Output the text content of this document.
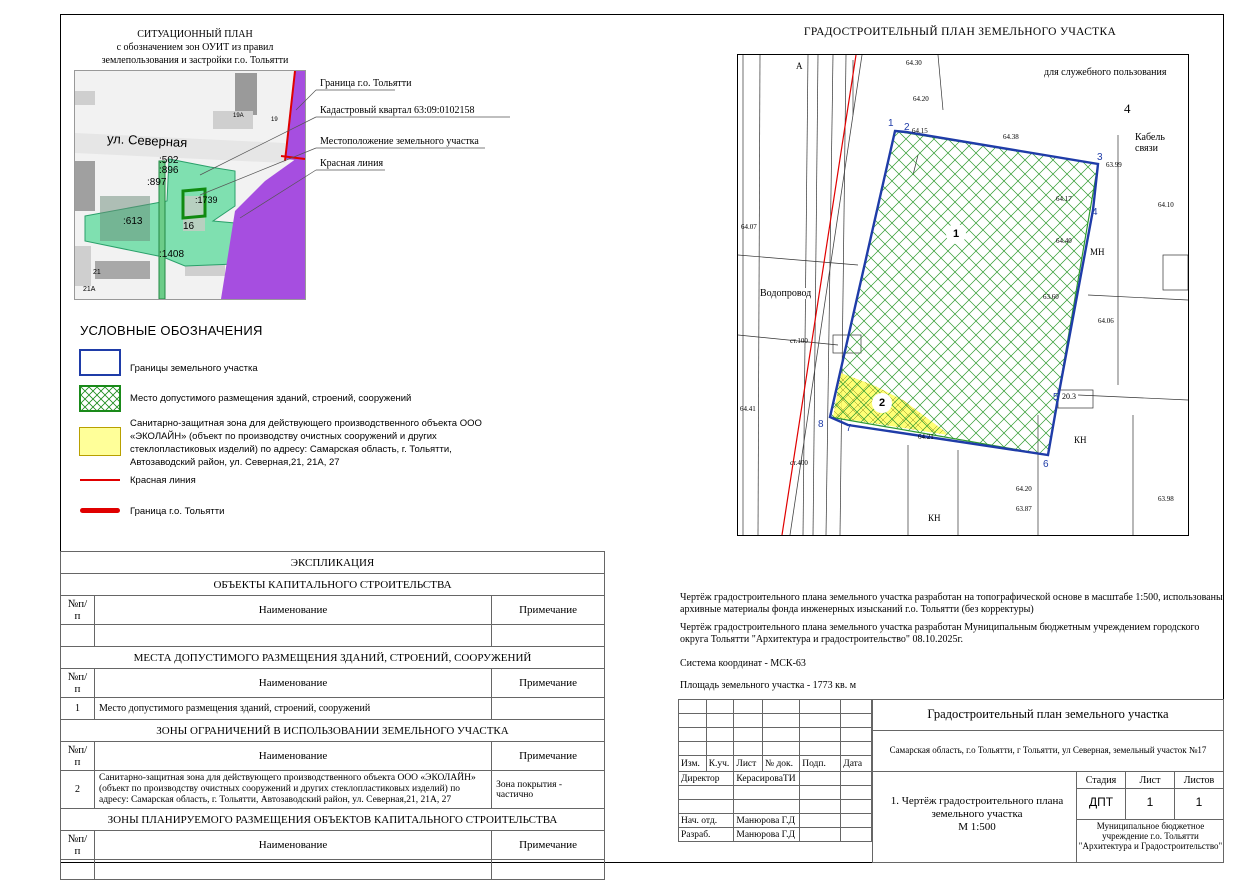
СИТУАЦИОННЫЙ ПЛАН
с обозначением зон ОУИТ из правил
землепользования и застройки г.о. Тольятти
ул. Северная
:502
:896
:897
:613
:1739
16
:1408
21
21А
19А
19
Граница г.о. Тольятти
Кадастровый квартал 63:09:0102158
Местоположение земельного участка
Красная линия
УСЛОВНЫЕ ОБОЗНАЧЕНИЯ
Границы земельного участка
Место допустимого размещения зданий, строений, сооружений
Санитарно-защитная зона для действующего производственного объекта ООО «ЭКОЛАЙН» (объект по производству очистных сооружений и других стеклопластиковых изделий) по адресу: Самарская область, г. Тольятти, Автозаводский район, ул. Северная,21, 21А, 27
Красная линия
Граница г.о. Тольятти
ГРАДОСТРОИТЕЛЬНЫЙ ПЛАН ЗЕМЕЛЬНОГО УЧАСТКА
1 2
3
4
5
6
7
8
1
2
для служебного пользования
Кабель связи
Водопровод
64.30
64.20
64.38
64.15
63.99
64.17
64.40
64.07
64.10
63.60
64.06
64.41
64.21
64.20
63.87
63.98
20.3
КН
МН
КН
4
А
ст.100
ст.400
ЭКСПЛИКАЦИЯ		
ОБЪЕКТЫ КАПИТАЛЬНОГО СТРОИТЕЛЬСТВА		
№п/п	Наименование	Примечание

МЕСТА ДОПУСТИМОГО РАЗМЕЩЕНИЯ ЗДАНИЙ, СТРОЕНИЙ, СООРУЖЕНИЙ		
№п/п	Наименование	Примечание
1	Место допустимого размещения зданий, строений, сооружений	
ЗОНЫ ОГРАНИЧЕНИЙ В ИСПОЛЬЗОВАНИИ ЗЕМЕЛЬНОГО УЧАСТКА		
№п/п	Наименование	Примечание
2	Санитарно-защитная зона для действующего производственного объекта ООО «ЭКОЛАЙН» (объект по производству очистных сооружений и других стеклопластиковых изделий) по адресу: Самарская область, г. Тольятти, Автозаводский район, ул. Северная,21, 21А, 27	Зона покрытия - частично
ЗОНЫ ПЛАНИРУЕМОГО РАЗМЕЩЕНИЯ ОБЪЕКТОВ КАПИТАЛЬНОГО СТРОИТЕЛЬСТВА		
№п/п	Наименование	Примечание

Чертёж градостроительного плана земельного участка разработан на топографической основе в масштабе 1:500, использованы архивные материалы фонда инженерных изысканий г.о. Тольятти (без корректуры)
Чертёж градостроительного плана земельного участка разработан Муниципальным бюджетным учреждением городского округа Тольятти "Архитектура и градостроительство" 08.10.2025г.
Система координат - МСК-63
Площадь земельного участка - 1773 кв. м

Изм.	К.уч.	Лист	№ док.	Подп.	Дата
Директор		КерасироваТИ			

Нач. отд.		Манюрова Г.Д			
Разраб.		Манюрова Г.Д			
Градостроительный план земельного участка
Самарская область, г.о Тольятти, г Тольятти, ул Северная, земельный участок №17
1. Чертёж градостроительного плана земельного участка
М 1:500
Стадия	Лист	Листов
ДПТ	1	1
Муниципальное бюджетное учреждение г.о. Тольятти "Архитектура и Градостроительство"
